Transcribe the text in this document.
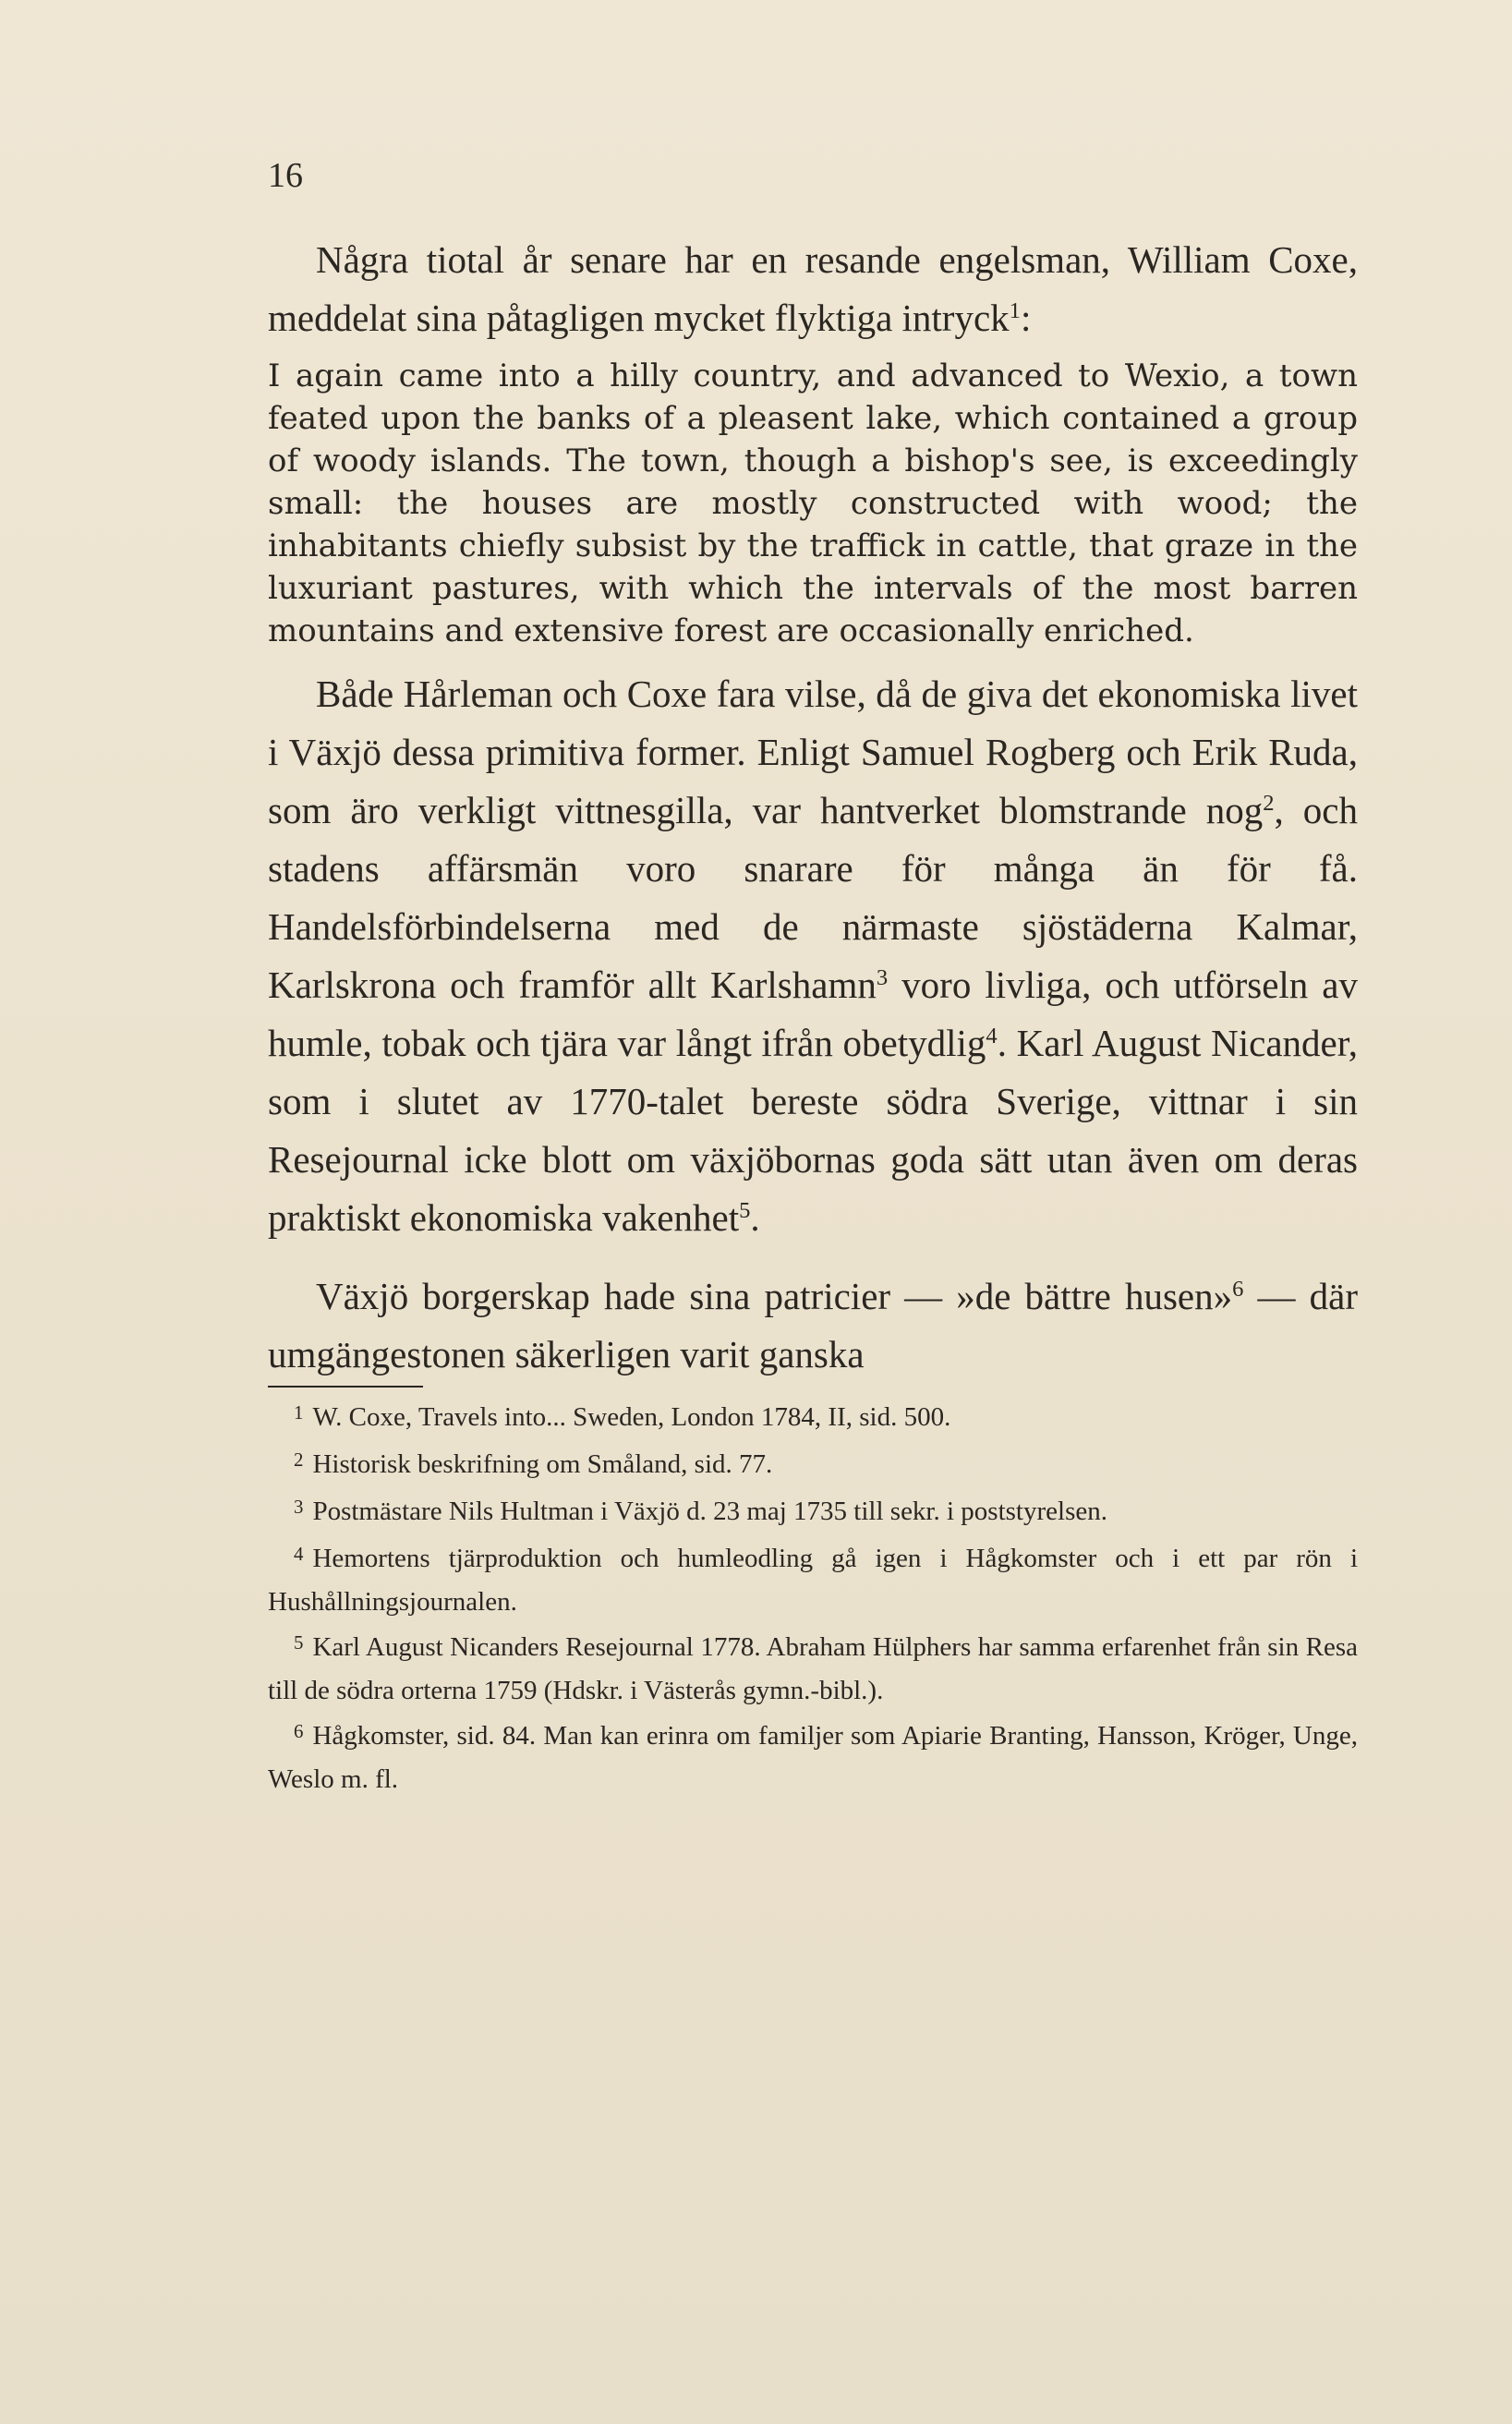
16

Några tiotal år senare har en resande engelsman, William Coxe, meddelat sina påtagligen mycket flyktiga intryck$^1$:

I again came into a hilly country, and advanced to Wexio, a town feated upon the banks of a pleasent lake, which contained a group of woody islands. The town, though a bishop's see, is exceedingly small: the houses are mostly constructed with wood; the inhabitants chiefly subsist by the traffick in cattle, that graze in the luxuriant pastures, with which the intervals of the most barren mountains and extensive forest are occasionally enriched.

Både Hårleman och Coxe fara vilse, då de giva det ekonomiska livet i Växjö dessa primitiva former. Enligt Samuel Rogberg och Erik Ruda, som äro verkligt vittnesgilla, var hantverket blomstrande nog$^2$, och stadens affärsmän voro snarare för många än för få. Handelsförbindelserna med de närmaste sjöstäderna Kalmar, Karlskrona och framför allt Karlshamn$^3$ voro livliga, och utförseln av humle, tobak och tjära var långt ifrån obetydlig$^4$. Karl August Nicander, som i slutet av 1770-talet bereste södra Sverige, vittnar i sin Resejournal icke blott om växjöbornas goda sätt utan även om deras praktiskt ekonomiska vakenhet$^5$.

Växjö borgerskap hade sina patricier — »de bättre husen»$^6$ — där umgängestonen säkerligen varit ganska

$^1$ W. Coxe, Travels into... Sweden, London 1784, II, sid. 500.

$^2$ Historisk beskrifning om Småland, sid. 77.

$^3$ Postmästare Nils Hultman i Växjö d. 23 maj 1735 till sekr. i poststyrelsen.

$^4$ Hemortens tjärproduktion och humleodling gå igen i Hågkomster och i ett par rön i Hushållningsjournalen.

$^5$ Karl August Nicanders Resejournal 1778. Abraham Hülphers har samma erfarenhet från sin Resa till de södra orterna 1759 (Hdskr. i Västerås gymn.-bibl.).

$^6$ Hågkomster, sid. 84. Man kan erinra om familjer som Apiarie Branting, Hansson, Kröger, Unge, Weslo m. fl.
